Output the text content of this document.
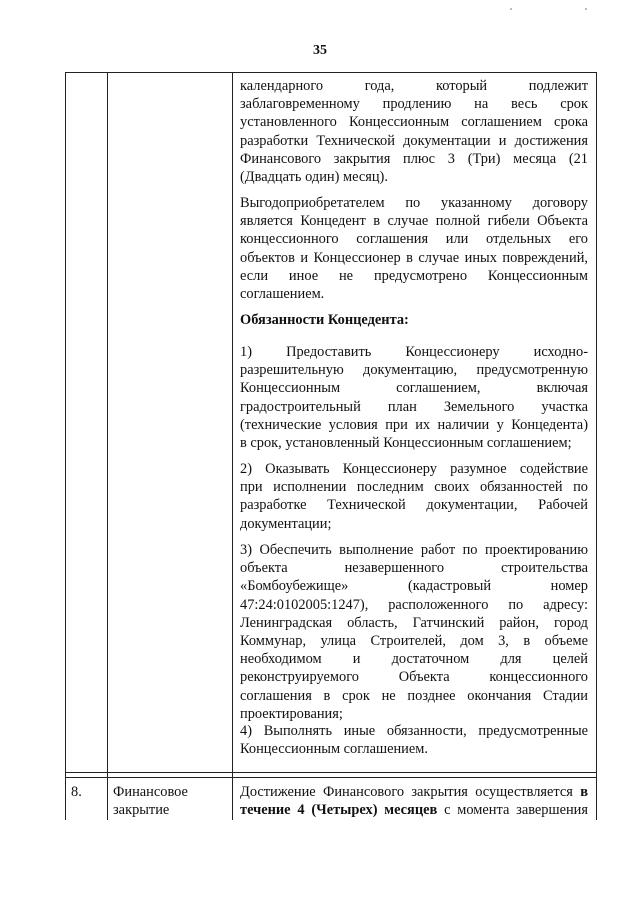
35
календарного года, который подлежит
заблаговременному продлению на весь срок
установленного Концессионным соглашением срока
разработки Технической документации и достижения
Финансового закрытия плюс 3 (Три) месяца (21
(Двадцать один) месяц).
Выгодоприобретателем по указанному договору
является Концедент в случае полной гибели Объекта
концессионного соглашения или отдельных его
объектов и Концессионер в случае иных повреждений,
если иное не предусмотрено Концессионным
соглашением.
Обязанности Концедента:
1) Предоставить Концессионеру исходно-
разрешительную документацию, предусмотренную
Концессионным соглашением, включая
градостроительный план Земельного участка
(технические условия при их наличии у Концедента)
в срок, установленный Концессионным соглашением;
2) Оказывать Концессионеру разумное содействие
при исполнении последним своих обязанностей по
разработке Технической документации, Рабочей
документации;
3) Обеспечить выполнение работ по проектированию
объекта незавершенного строительства
«Бомбоубежище» (кадастровый номер
47:24:0102005:1247), расположенного по адресу:
Ленинградская область, Гатчинский район, город
Коммунар, улица Строителей, дом 3, в объеме
необходимом и достаточном для целей
реконструируемого Объекта концессионного
соглашения в срок не позднее окончания Стадии
проектирования;
4) Выполнять иные обязанности, предусмотренные
Концессионным соглашением.
8. Финансовое
закрытие
Достижение Финансового закрытия осуществляется в
течение 4 (Четырех) месяцев с момента завершения
